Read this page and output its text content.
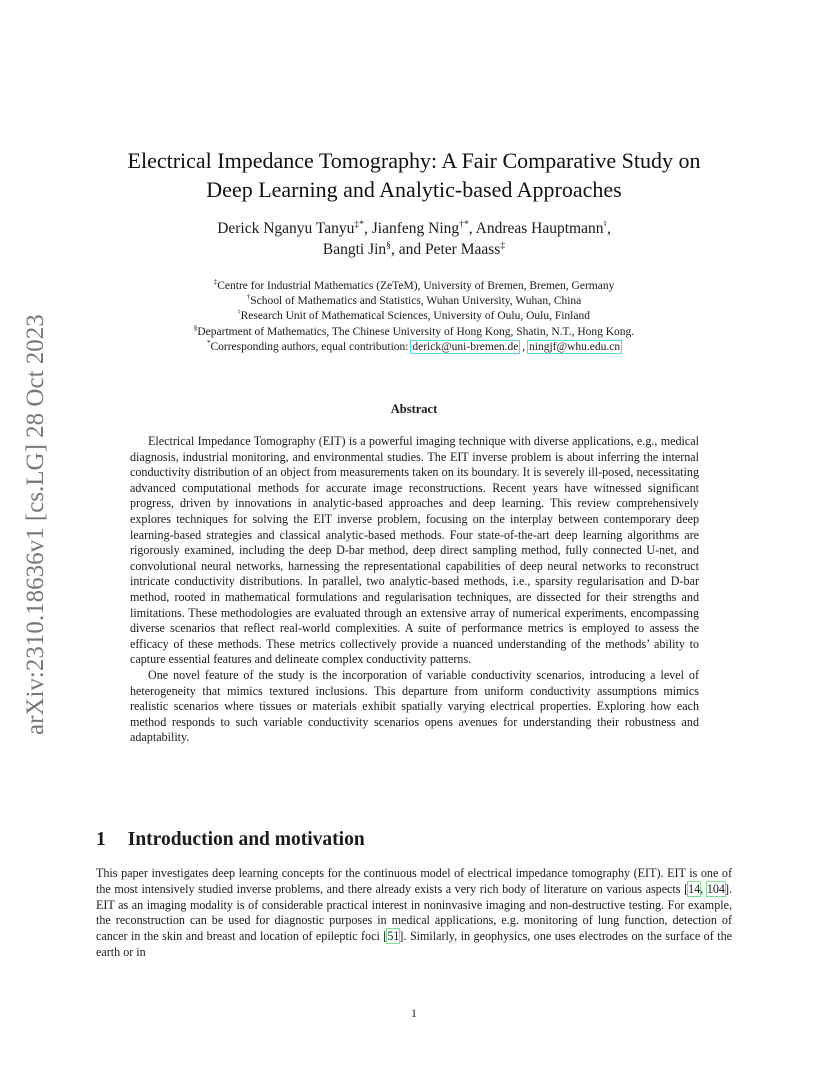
arXiv:2310.18636v1 [cs.LG] 28 Oct 2023
Electrical Impedance Tomography: A Fair Comparative Study on
Deep Learning and Analytic-based Approaches
Derick Nganyu Tanyu‡*, Jianfeng Ning†*, Andreas Hauptmann♮,
Bangti Jin§, and Peter Maass‡
‡Centre for Industrial Mathematics (ZeTeM), University of Bremen, Bremen, Germany
†School of Mathematics and Statistics, Wuhan University, Wuhan, China
♮Research Unit of Mathematical Sciences, University of Oulu, Oulu, Finland
§Department of Mathematics, The Chinese University of Hong Kong, Shatin, N.T., Hong Kong.
*Corresponding authors, equal contribution: derick@uni-bremen.de , ningjf@whu.edu.cn
Abstract

Electrical Impedance Tomography (EIT) is a powerful imaging technique with diverse applications, e.g., medical diagnosis, industrial monitoring, and environmental studies. The EIT inverse problem is about inferring the internal conductivity distribution of an object from measurements taken on its boundary. It is severely ill-posed, necessitating advanced computational methods for accurate image reconstructions. Recent years have witnessed significant progress, driven by innovations in analytic-based approaches and deep learning. This review comprehensively explores techniques for solving the EIT inverse problem, focusing on the interplay between contemporary deep learning-based strategies and classical analytic-based methods. Four state-of-the-art deep learning algorithms are rigorously examined, including the deep D-bar method, deep direct sampling method, fully connected U-net, and convolutional neural networks, harnessing the representational capabilities of deep neural networks to reconstruct intricate conductivity distributions. In parallel, two analytic-based methods, i.e., sparsity regularisation and D-bar method, rooted in mathematical formulations and regularisation techniques, are dissected for their strengths and limitations. These methodologies are evaluated through an extensive array of numerical experiments, encompassing diverse scenarios that reflect real-world complexities. A suite of performance metrics is employed to assess the efficacy of these methods. These metrics collectively provide a nuanced understanding of the methods’ ability to capture essential features and delineate complex conductivity patterns.

One novel feature of the study is the incorporation of variable conductivity scenarios, introducing a level of heterogeneity that mimics textured inclusions. This departure from uniform conductivity assumptions mimics realistic scenarios where tissues or materials exhibit spatially varying electrical properties. Exploring how each method responds to such variable conductivity scenarios opens avenues for understanding their robustness and adaptability.

1 Introduction and motivation

This paper investigates deep learning concepts for the continuous model of electrical impedance tomography (EIT). EIT is one of the most intensively studied inverse problems, and there already exists a very rich body of literature on various aspects [14, 104]. EIT as an imaging modality is of considerable practical interest in noninvasive imaging and non-destructive testing. For example, the reconstruction can be used for diagnostic purposes in medical applications, e.g. monitoring of lung function, detection of cancer in the skin and breast and location of epileptic foci [51]. Similarly, in geophysics, one uses electrodes on the surface of the earth or in

1
